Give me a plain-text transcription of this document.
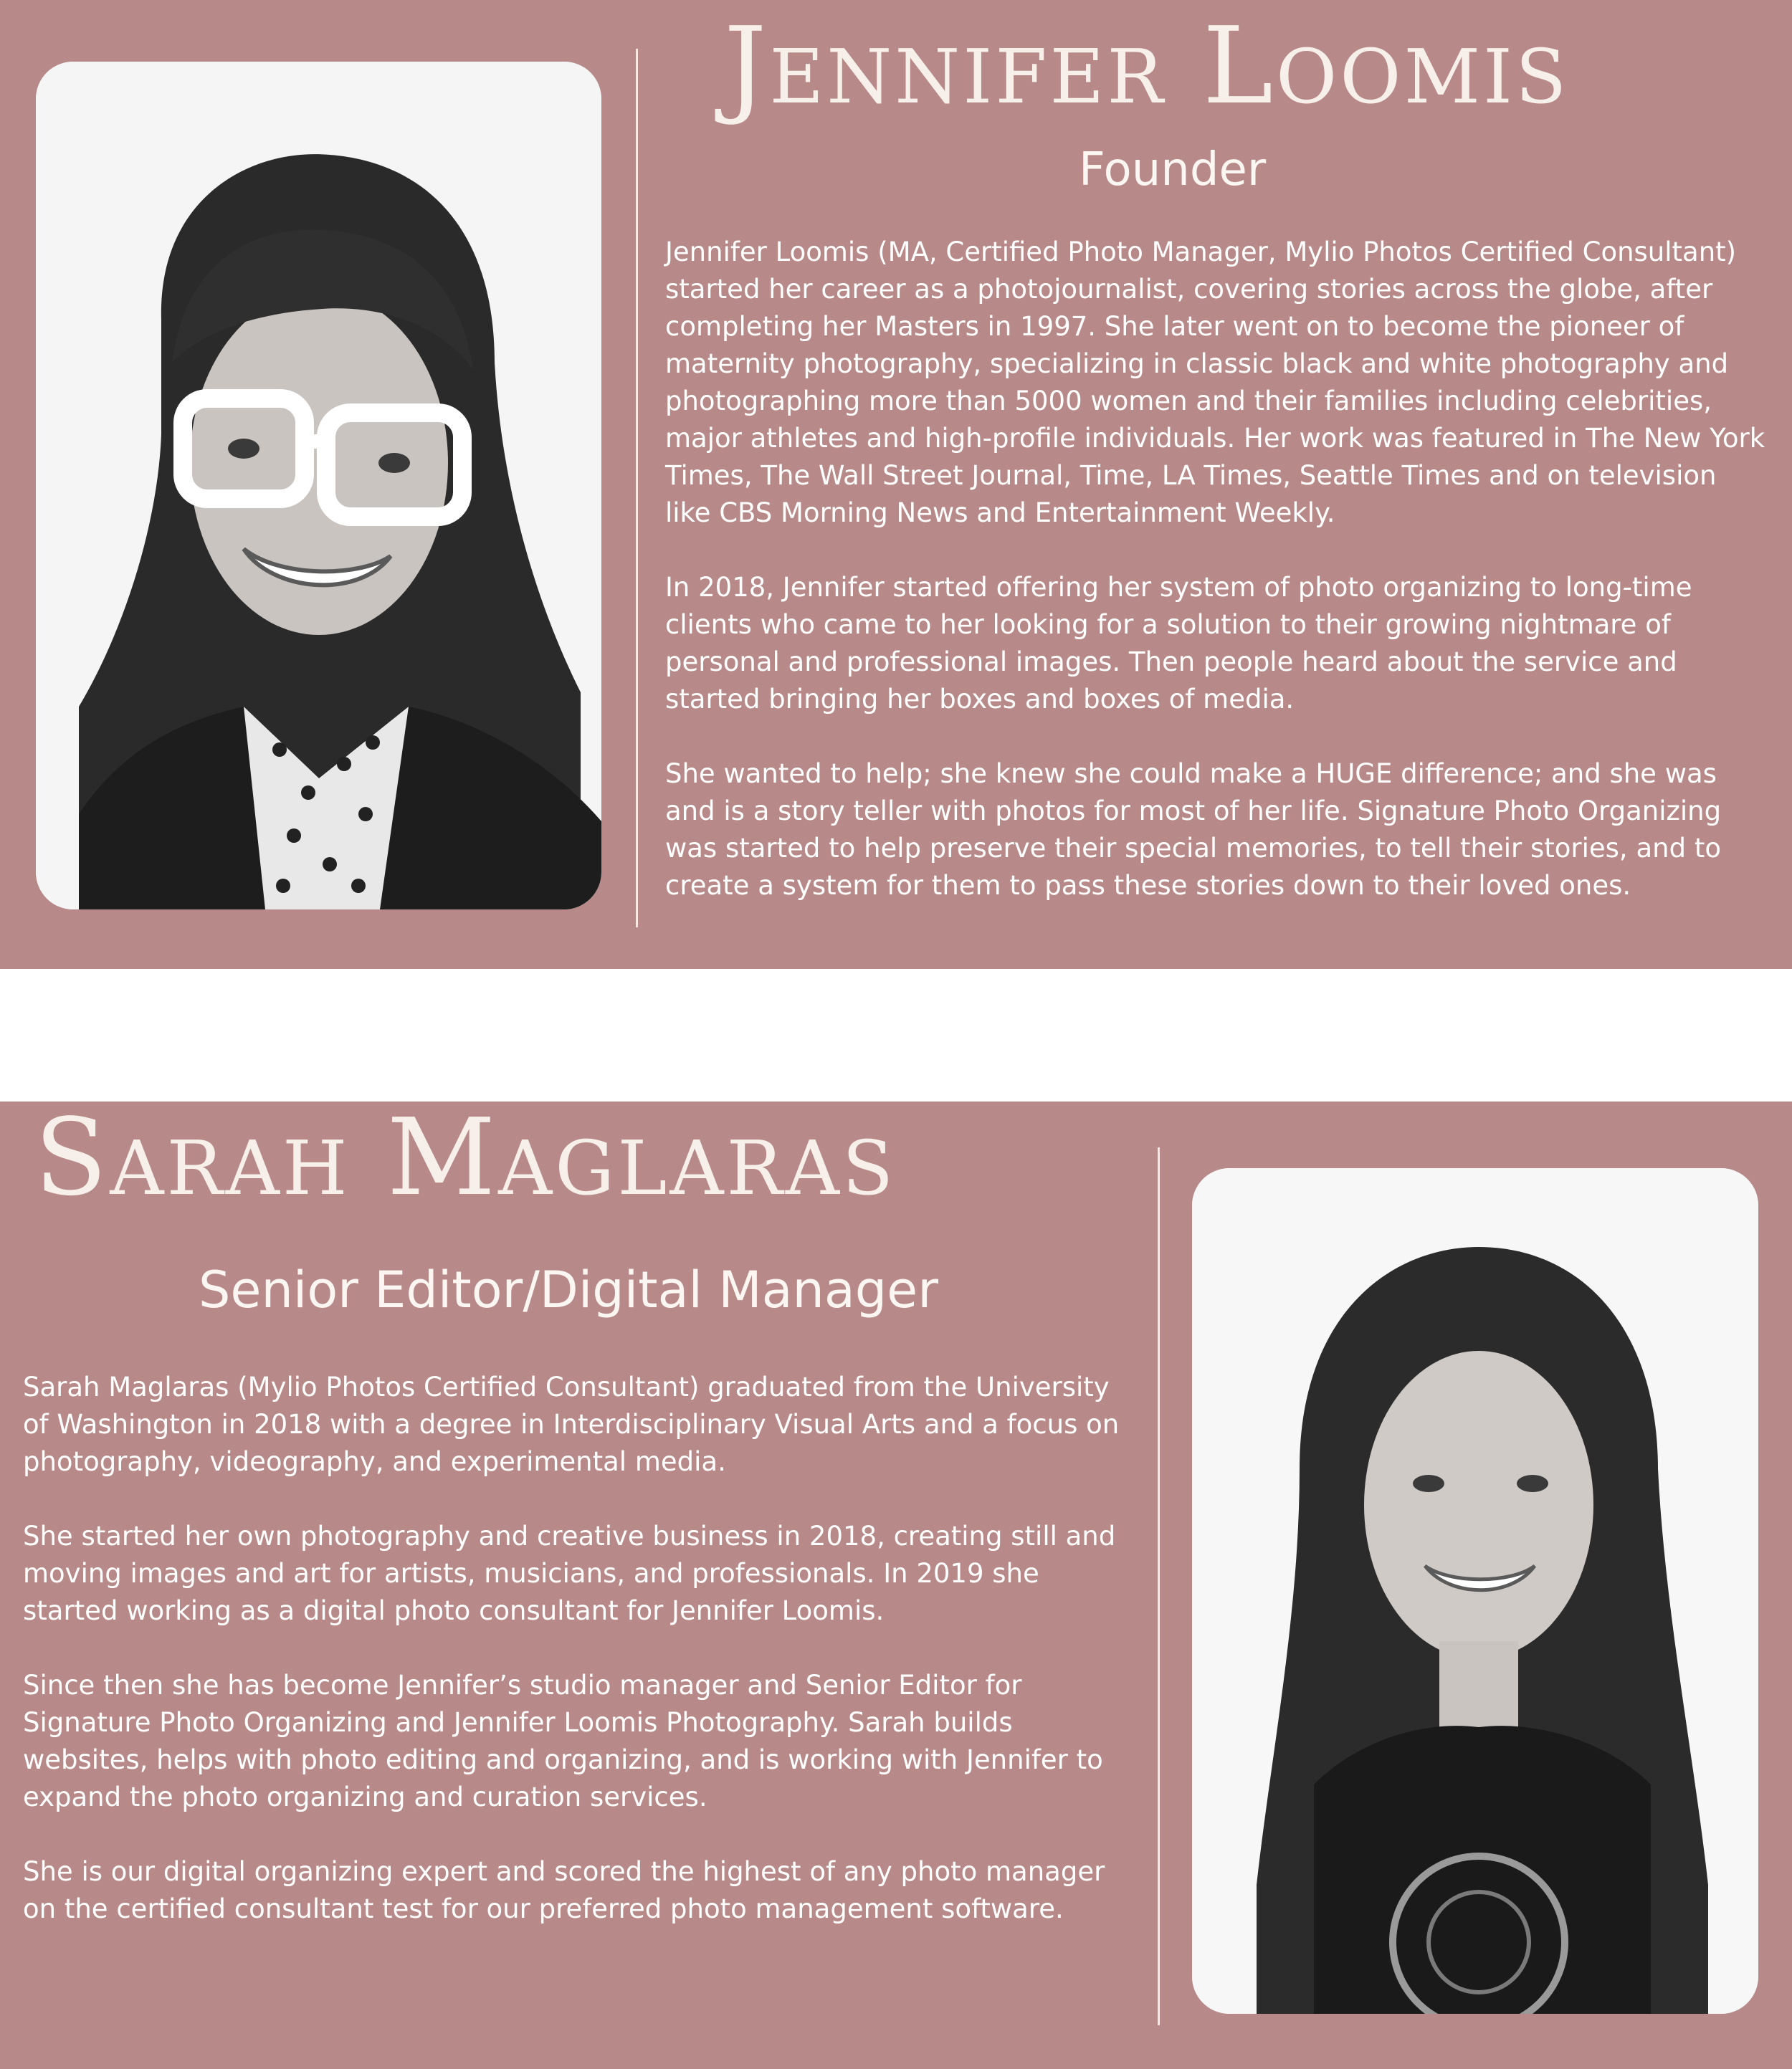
Jennifer Loomis
Founder

Jennifer Loomis (MA, Certified Photo Manager, Mylio Photos Certified Consultant) started her career as a photojournalist, covering stories across the globe, after completing her Masters in 1997. She later went on to become the pioneer of maternity photography, specializing in classic black and white photography and photographing more than 5000 women and their families including celebrities, major athletes and high-profile individuals. Her work was featured in The New York Times, The Wall Street Journal, Time, LA Times, Seattle Times and on television like CBS Morning News and Entertainment Weekly.

In 2018, Jennifer started offering her system of photo organizing to long-time clients who came to her looking for a solution to their growing nightmare of personal and professional images. Then people heard about the service and started bringing her boxes and boxes of media.

She wanted to help; she knew she could make a HUGE difference; and she was and is a story teller with photos for most of her life. Signature Photo Organizing was started to help preserve their special memories, to tell their stories, and to create a system for them to pass these stories down to their loved ones.

Sarah Maglaras
Senior Editor/Digital Manager

Sarah Maglaras (Mylio Photos Certified Consultant) graduated from the University of Washington in 2018 with a degree in Interdisciplinary Visual Arts and a focus on photography, videography, and experimental media.

She started her own photography and creative business in 2018, creating still and moving images and art for artists, musicians, and professionals. In 2019 she started working as a digital photo consultant for Jennifer Loomis.

Since then she has become Jennifer’s studio manager and Senior Editor for Signature Photo Organizing and Jennifer Loomis Photography. Sarah builds websites, helps with photo editing and organizing, and is working with Jennifer to expand the photo organizing and curation services.

She is our digital organizing expert and scored the highest of any photo manager on the certified consultant test for our preferred photo management software.
